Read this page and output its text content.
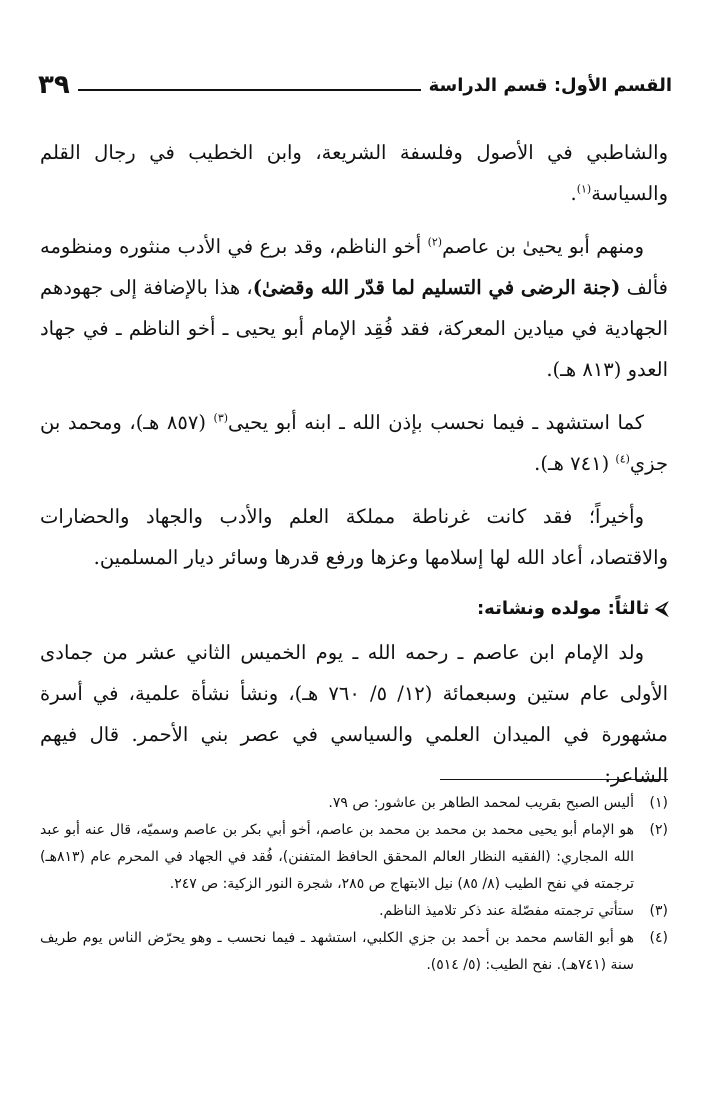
القسم الأول: قسم الدراسة
٣٩

والشاطبي في الأصول وفلسفة الشريعة، وابن الخطيب في رجال القلم والسياسة$^{(١)}$.

ومنهم أبو يحيىٰ بن عاصم$^{(٢)}$ أخو الناظم، وقد برع في الأدب منثوره ومنظومه فألف (جنة الرضى في التسليم لما قدّر الله وقضىٰ)، هذا بالإضافة إلى جهودهم الجهادية في ميادين المعركة، فقد فُقِد الإمام أبو يحيى ـ أخو الناظم ـ في جهاد العدو (٨١٣ هـ).

كما استشهد ـ فيما نحسب بإذن الله ـ ابنه أبو يحيى$^{(٣)}$ (٨٥٧ هـ)، ومحمد بن جزي$^{(٤)}$ (٧٤١ هـ).

وأخيراً؛ فقد كانت غرناطة مملكة العلم والأدب والجهاد والحضارات والاقتصاد، أعاد الله لها إسلامها وعزها ورفع قدرها وسائر ديار المسلمين.

⮘ثالثاً: مولده ونشاته:

ولد الإمام ابن عاصم ـ رحمه الله ـ يوم الخميس الثاني عشر من جمادى الأولى عام ستين وسبعمائة (١٢/ ٥/ ٧٦٠ هـ)، ونشأ نشأة علمية، في أسرة مشهورة في الميدان العلمي والسياسي في عصر بني الأحمر. قال فيهم الشاعر:

(١)
أليس الصبح بقريب لمحمد الطاهر بن عاشور: ص ٧٩.
(٢)
هو الإمام أبو يحيى محمد بن محمد بن محمد بن عاصم، أخو أبي بكر بن عاصم وسميّه، قال عنه أبو عبد الله المجاري: (الفقيه النظار العالم المحقق الحافظ المتفنن)، فُقد في الجهاد في المحرم عام (٨١٣هـ) ترجمته في نفح الطيب (٨/ ٨٥) نيل الابتهاج ص ٢٨٥، شجرة النور الزكية: ص ٢٤٧.
(٣)
ستأتي ترجمته مفصّلة عند ذكر تلاميذ الناظم.
(٤)
هو أبو القاسم محمد بن أحمد بن جزي الكلبي، استشهد ـ فيما نحسب ـ وهو يحرّض الناس يوم طريف سنة (٧٤١هـ). نفح الطيب: (٥/ ٥١٤).
